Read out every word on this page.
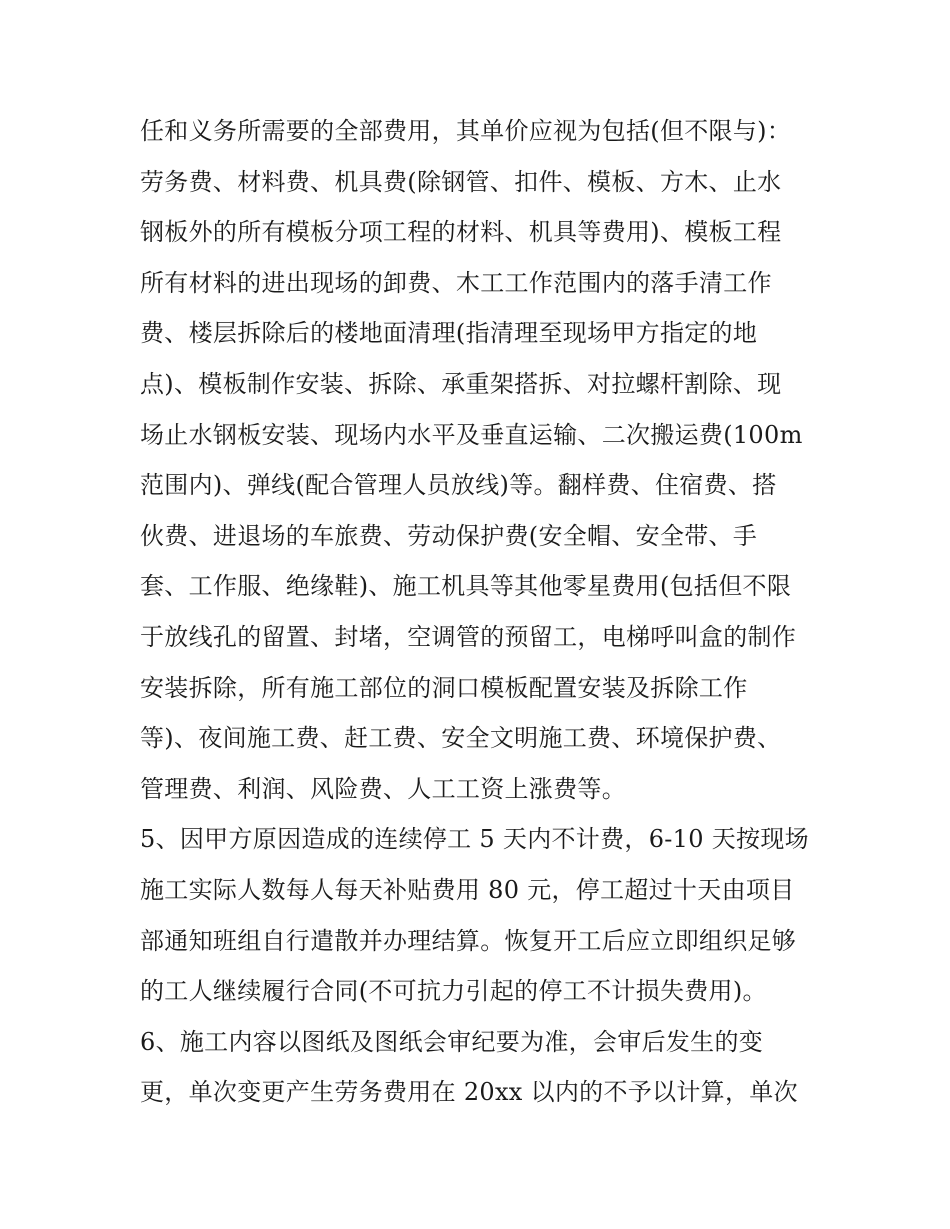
任和义务所需要的全部费用，其单价应视为包括(但不限与)：
劳务费、材料费、机具费(除钢管、扣件、模板、方木、止水
钢板外的所有模板分项工程的材料、机具等费用)、模板工程
所有材料的进出现场的卸费、木工工作范围内的落手清工作
费、楼层拆除后的楼地面清理(指清理至现场甲方指定的地
点)、模板制作安装、拆除、承重架搭拆、对拉螺杆割除、现
场止水钢板安装、现场内水平及垂直运输、二次搬运费(100m
范围内)、弹线(配合管理人员放线)等。翻样费、住宿费、搭
伙费、进退场的车旅费、劳动保护费(安全帽、安全带、手
套、工作服、绝缘鞋)、施工机具等其他零星费用(包括但不限
于放线孔的留置、封堵，空调管的预留工，电梯呼叫盒的制作
安装拆除，所有施工部位的洞口模板配置安装及拆除工作
等)、夜间施工费、赶工费、安全文明施工费、环境保护费、
管理费、利润、风险费、人工工资上涨费等。
5、因甲方原因造成的连续停工 5 天内不计费，6-10 天按现场
施工实际人数每人每天补贴费用 80 元，停工超过十天由项目
部通知班组自行遣散并办理结算。恢复开工后应立即组织足够
的工人继续履行合同(不可抗力引起的停工不计损失费用)。
6、施工内容以图纸及图纸会审纪要为准，会审后发生的变
更，单次变更产生劳务费用在 20xx 以内的不予以计算，单次
